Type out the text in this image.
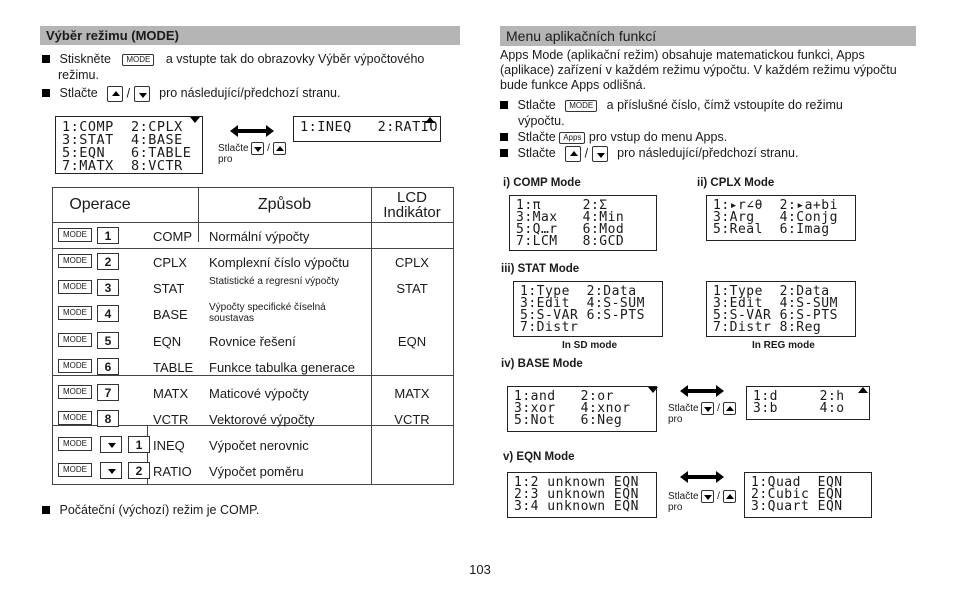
Výběr režimu (MODE)
Stiskněte MODE a vstupte tak do obrazovky Výběr výpočtového
režimu.
Stlačte / pro následující/předchozí stranu.
1:COMP  2:CPLX
3:STAT  4:BASE
5:EQN   6:TABLE
7:MATX  8:VCTR
Stlačte /
pro
1:INEQ   2:RATIO
Operace	Způsob	LCD Indikátor
MODE	1	COMP Normální výpočty
MODE	2	CPLX Komplexní číslo výpočtu	CPLX
MODE	3	STAT Statistické a regresní výpočty	STAT
MODE	4	BASE Výpočty specifické číselná soustavas
MODE	5	EQN Rovnice řešení	EQN
MODE	6	TABLE Funkce tabulka generace
MODE	7	MATX Maticové výpočty	MATX
MODE	8	VCTR Vektorové výpočty	VCTR
MODE	1 INEQ Výpočet nerovnic
MODE	2 RATIO Výpočet poměru
Počáteční (výchozí) režim je COMP.
Menu aplikačních funkcí
Apps Mode (aplikační režim) obsahuje matematickou funkci, Apps (aplikace) zařízení v každém režimu výpočtu. V každém režimu výpočtu bude funkce Apps odlišná.
Stlačte MODE a příslušné číslo, čímž vstoupíte do režimu
výpočtu.
Stlačte Apps pro vstup do menu Apps.
Stlačte / pro následující/předchozí stranu.
i) COMP Mode
1:π     2:Σ
3:Max   4:Min
5:Q…r   6:Mod
7:LCM   8:GCD
ii) CPLX Mode
1:▸r∠θ  2:▸a+bi
3:Arg   4:Conjg
5:Real  6:Imag
iii) STAT Mode
1:Type  2:Data
3:Edit  4:S-SUM
5:S-VAR 6:S-PTS
7:Distr
1:Type  2:Data
3:Edit  4:S-SUM
5:S-VAR 6:S-PTS
7:Distr 8:Reg
In SD mode	In REG mode
iv) BASE Mode
1:and   2:or
3:xor   4:xnor
5:Not   6:Neg
Stlačte /
pro
1:d     2:h
3:b     4:o
v) EQN Mode
1:2 unknown EQN
2:3 unknown EQN
3:4 unknown EQN
Stlačte /
pro
1:Quad  EQN
2:Cubic EQN
3:Quart EQN
103
